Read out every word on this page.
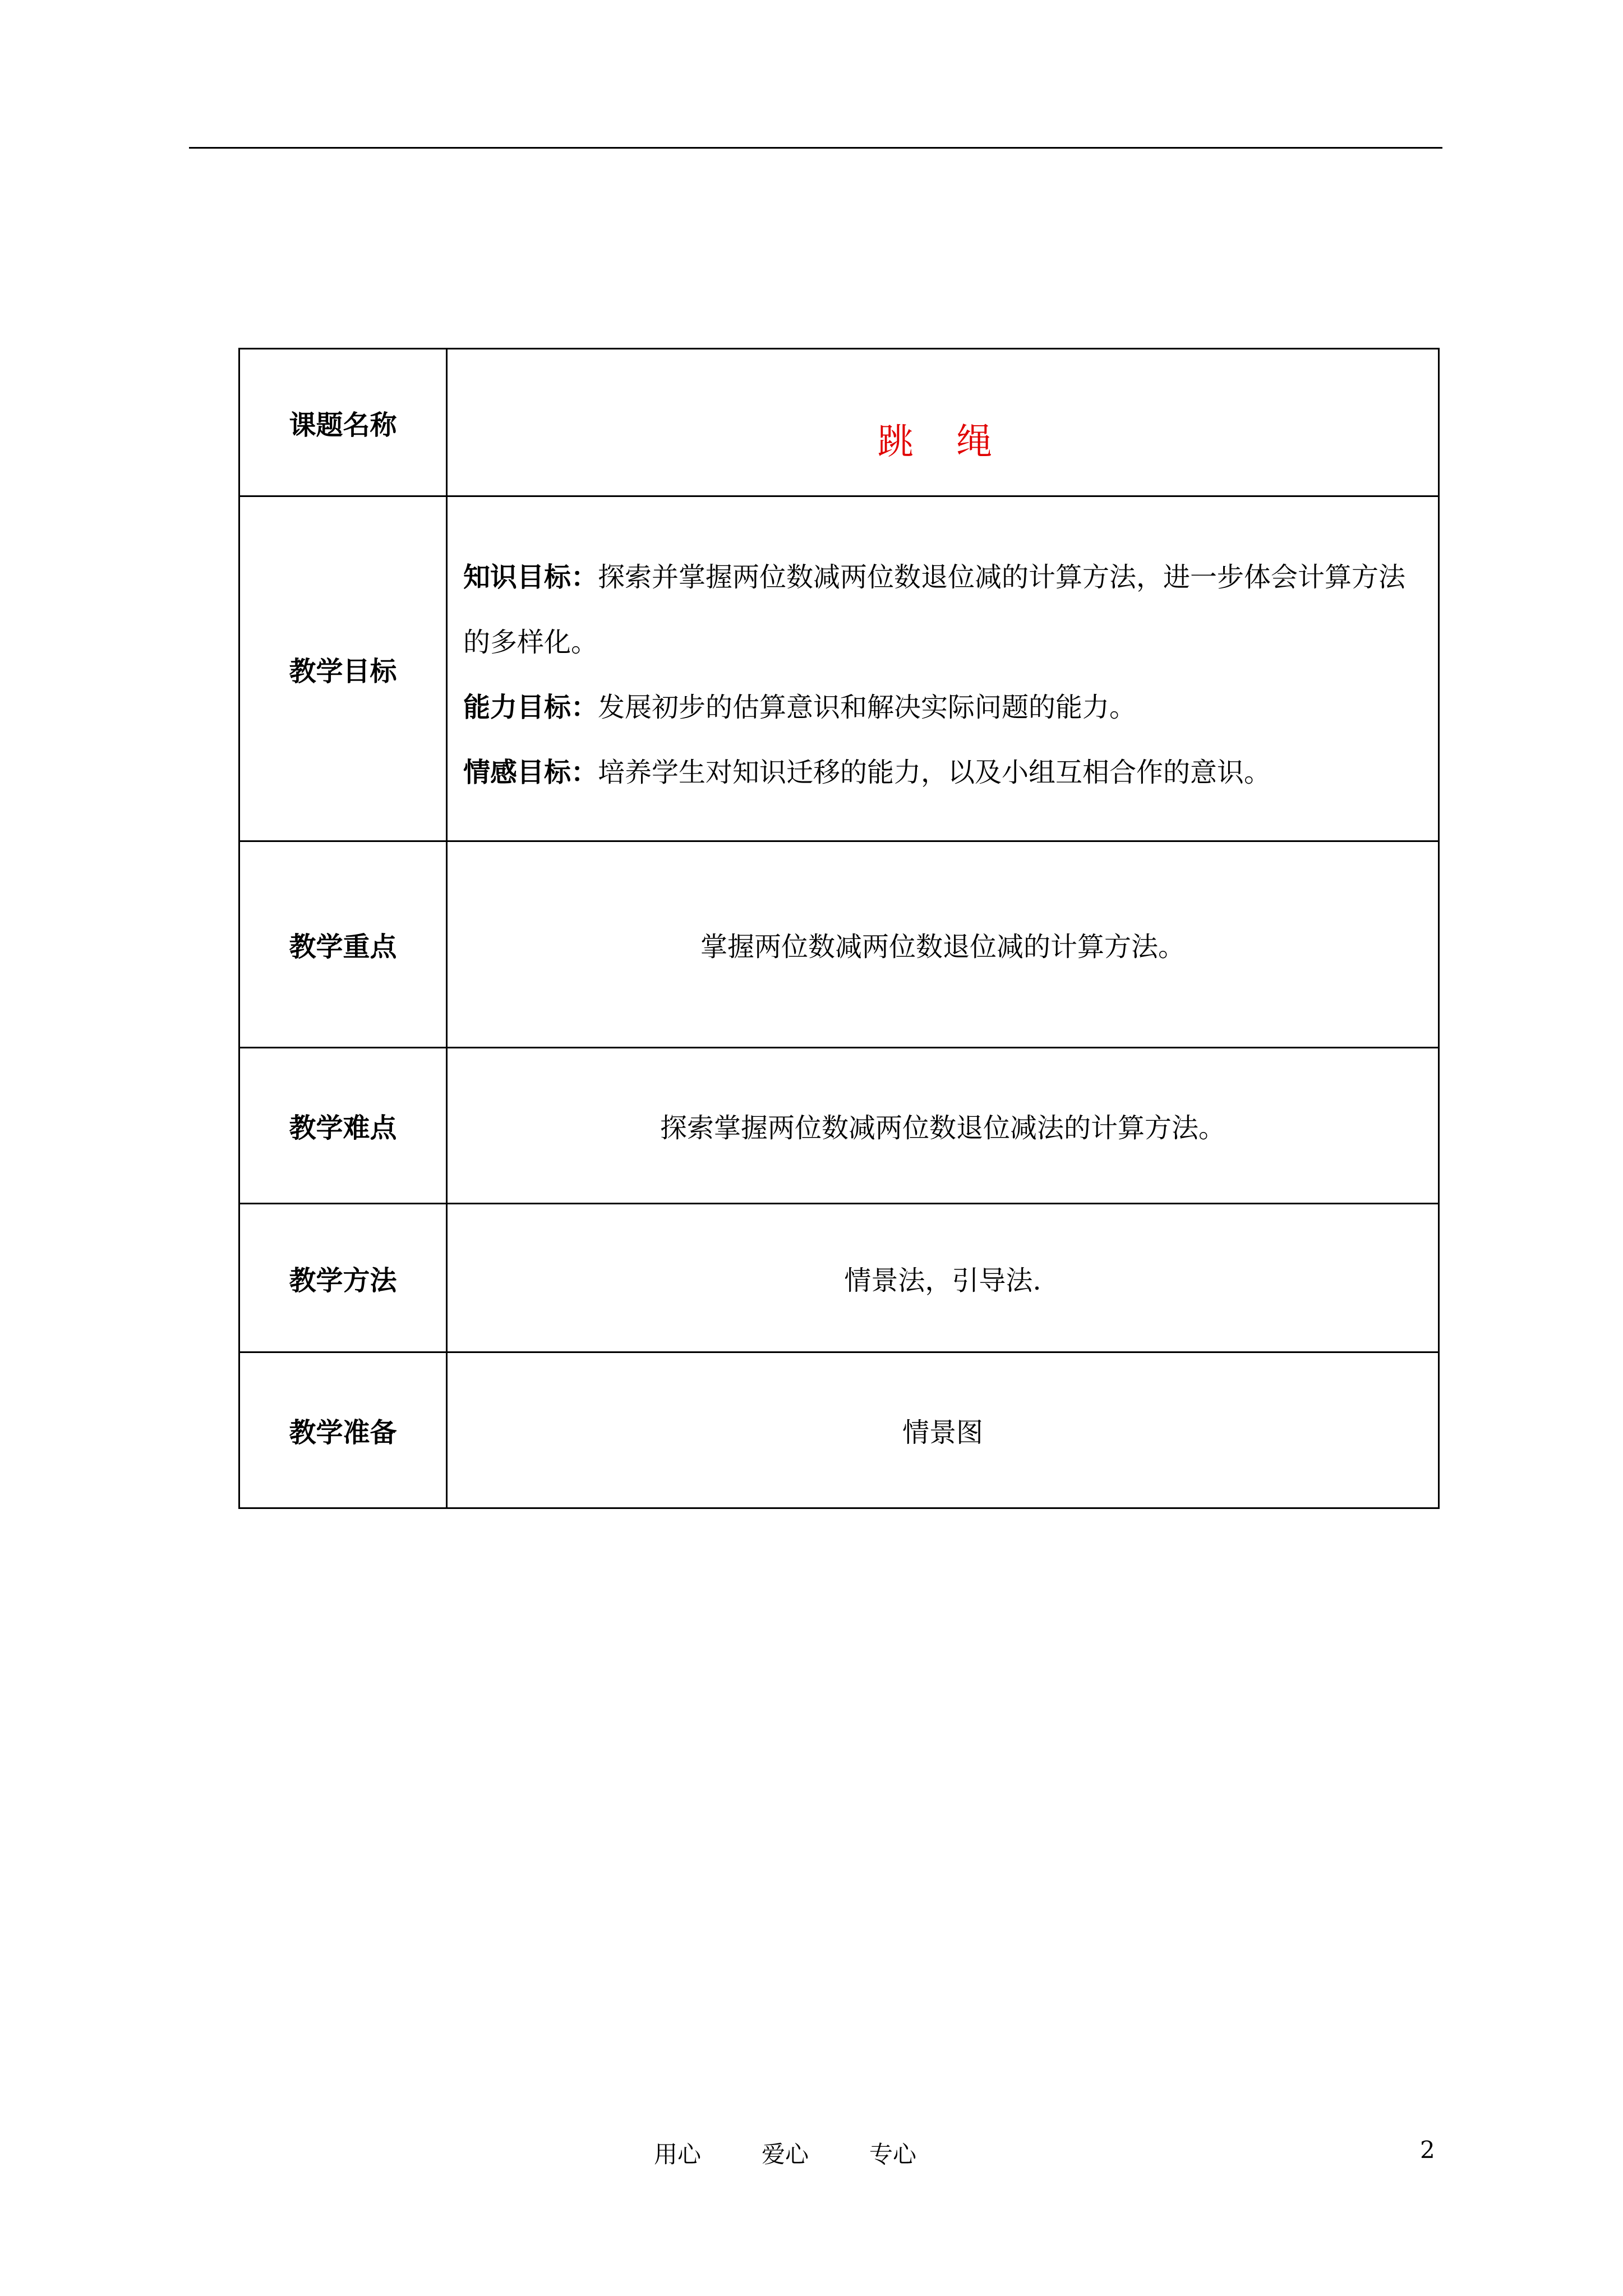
课题名称	跳 绳
教学目标	知识目标：探索并掌握两位数减两位数退位减的计算方法，进一步体会计算方法的多样化。

能力目标：发展初步的估算意识和解决实际问题的能力。

情感目标：培养学生对知识迁移的能力，以及小组互相合作的意识。

教学重点	掌握两位数减两位数退位减的计算方法。
教学难点	探索掌握两位数减两位数退位减法的计算方法。
教学方法	情景法，引导法.
教学准备	情景图
用心	爱心	专心	2
